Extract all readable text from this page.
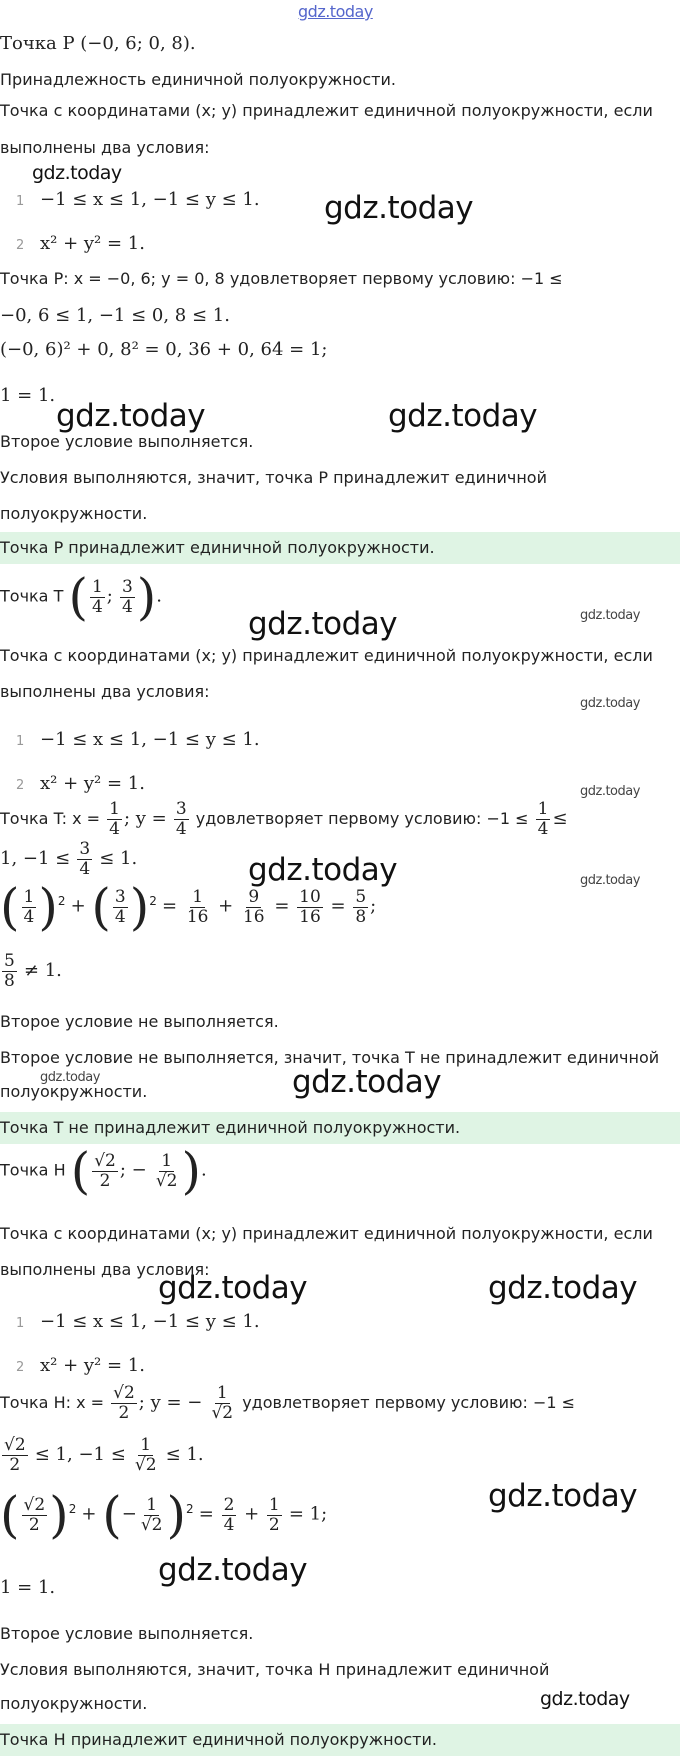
gdz.today
gdz.today
gdz.today
gdz.today	gdz.today
gdz.today	gdz.today
gdz.today
gdz.today
gdz.today	gdz.today
gdz.today	gdz.today
gdz.today	gdz.today
gdz.today
gdz.today
gdz.today
Точка P (−0, 6; 0, 8).
Принадлежность единичной полуокружности.
Точка с координатами (x; y) принадлежит единичной полуокружности, если
выполнены два условия:
1 −1 ≤ x ≤ 1, −1 ≤ y ≤ 1.
2 x² + y² = 1.
Точка P: x = −0, 6; y = 0, 8 удовлетворяет первому условию: −1 ≤
−0, 6 ≤ 1, −1 ≤ 0, 8 ≤ 1.
(−0, 6)² + 0, 8² = 0, 36 + 0, 64 = 1;
1 = 1.
Второе условие выполняется.
Условия выполняются, значит, точка P принадлежит единичной
полуокружности.
Точка P принадлежит единичной полуокружности.
Точка T ( $\frac{1}{4}$ ; $\frac{3}{4}$ ).
Точка с координатами (x; y) принадлежит единичной полуокружности, если
выполнены два условия:
1 −1 ≤ x ≤ 1, −1 ≤ y ≤ 1.
2 x² + y² = 1.
Точка T: $x = \frac{1}{4}$ ; $y = \frac{3}{4}$ удовлетворяет первому условию: $-1 \le \frac{1}{4}$ ≤
1, $-1 \le \frac{3}{4} \le 1$.
( $\frac{1}{4} )^2$ + ( $\frac{3}{4} )^2 = \frac{1}{16} + \frac{9}{16} = \frac{10}{16} = \frac{5}{8}$ ;
$\frac{5}{8} \ne 1$.
Второе условие не выполняется.
Второе условие не выполняется, значит, точка T не принадлежит единичной
полуокружности.
Точка T не принадлежит единичной полуокружности.
Точка H ( $\frac{√2}{2}$ ; − $\frac{1}{√2}$ ).
Точка с координатами (x; y) принадлежит единичной полуокружности, если
выполнены два условия:
1 −1 ≤ x ≤ 1, −1 ≤ y ≤ 1.
2 x² + y² = 1.
Точка H: $x = \frac{√2}{2}$ ; y = − $\frac{1}{√2}$ удовлетворяет первому условию: −1 ≤
$\frac{√2}{2} \le 1$, $-1 \le \frac{1}{√2} \le 1$.
( $\frac{√2}{2} )^2$ + (− $\frac{1}{√2} )^2 = \frac{2}{4} + \frac{1}{2} = 1$;
1 = 1.
Второе условие выполняется.
Условия выполняются, значит, точка H принадлежит единичной
полуокружности.
Точка H принадлежит единичной полуокружности.
